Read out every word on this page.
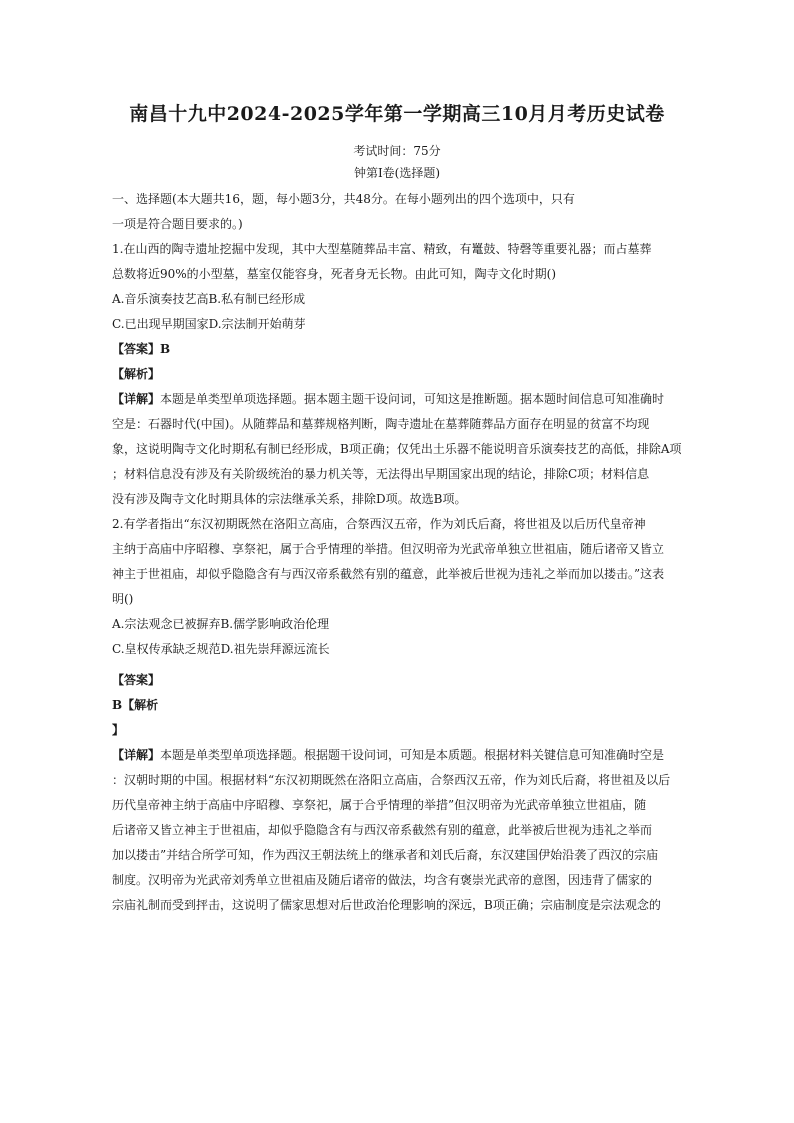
南昌十九中2024-2025学年第一学期高三10月月考历史试卷
考试时间：75分
钟第I卷(选择题)
一、选择题(本大题共16，题，每小题3分，共48分。在每小题列出的四个选项中，只有
一项是符合题目要求的。)
1.在山西的陶寺遗址挖掘中发现，其中大型墓随葬品丰富、精致，有鼍鼓、特磬等重要礼器；而占墓葬
总数将近90%的小型墓，墓室仅能容身，死者身无长物。由此可知，陶寺文化时期()
A.音乐演奏技艺高B.私有制已经形成
C.已出现早期国家D.宗法制开始萌芽
【答案】B
【解析】
【详解】本题是单类型单项选择题。据本题主题干设问词，可知这是推断题。据本题时间信息可知准确时
空是：石器时代(中国)。从随葬品和墓葬规格判断，陶寺遗址在墓葬随葬品方面存在明显的贫富不均现
象，这说明陶寺文化时期私有制已经形成，B项正确；仅凭出土乐器不能说明音乐演奏技艺的高低，排除A项
；材料信息没有涉及有关阶级统治的暴力机关等，无法得出早期国家出现的结论，排除C项；材料信息
没有涉及陶寺文化时期具体的宗法继承关系，排除D项。故选B项。
2.有学者指出“东汉初期既然在洛阳立高庙，合祭西汉五帝，作为刘氏后裔，将世祖及以后历代皇帝神
主纳于高庙中序昭穆、享祭祀，属于合乎情理的举措。但汉明帝为光武帝单独立世祖庙，随后诸帝又皆立
神主于世祖庙，却似乎隐隐含有与西汉帝系截然有别的蕴意，此举被后世视为违礼之举而加以搂击。”这表
明()
A.宗法观念已被摒弃B.儒学影响政治伦理
C.皇权传承缺乏规范D.祖先崇拜源远流长
【答案】
B【解析
】
【详解】本题是单类型单项选择题。根据题干设问词，可知是本质题。根据材料关键信息可知准确时空是
：汉朝时期的中国。根据材料“东汉初期既然在洛阳立高庙，合祭西汉五帝，作为刘氏后裔，将世祖及以后
历代皇帝神主纳于高庙中序昭穆、享祭祀，属于合乎情理的举措”但汉明帝为光武帝单独立世祖庙，随
后诸帝又皆立神主于世祖庙，却似乎隐隐含有与西汉帝系截然有别的蕴意，此举被后世视为违礼之举而
加以搂击”并结合所学可知，作为西汉王朝法统上的继承者和刘氏后裔，东汉建国伊始沿袭了西汉的宗庙
制度。汉明帝为光武帝刘秀单立世祖庙及随后诸帝的做法，均含有褒崇光武帝的意图，因违背了儒家的
宗庙礼制而受到抨击，这说明了儒家思想对后世政治伦理影响的深远，B项正确；宗庙制度是宗法观念的
